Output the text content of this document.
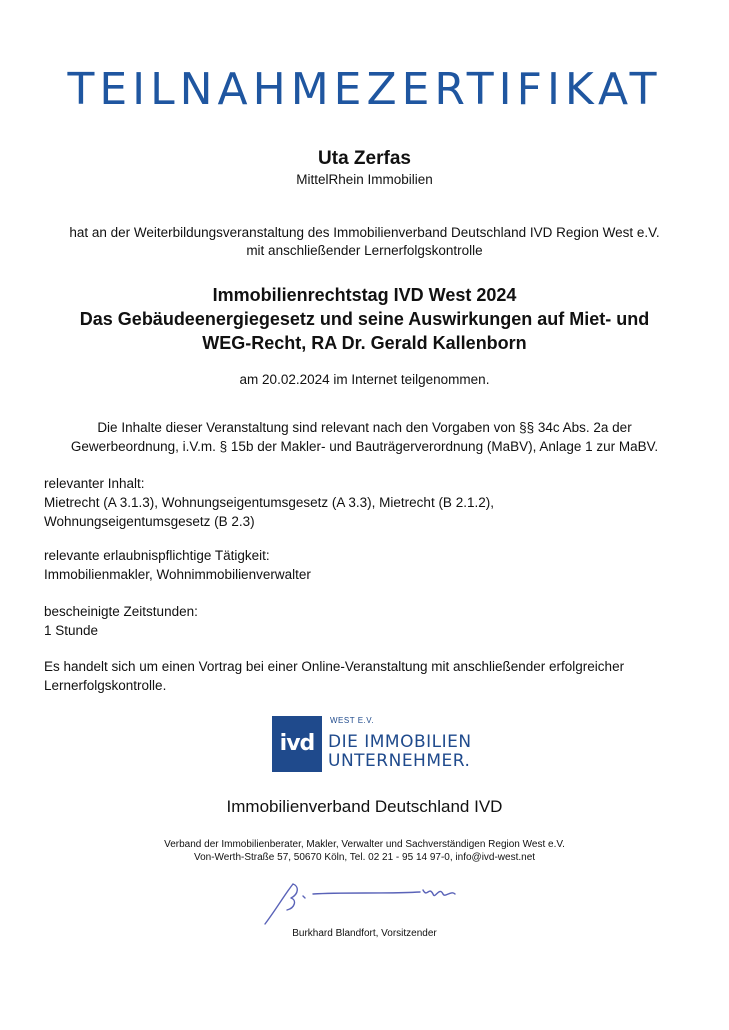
TEILNAHMEZERTIFIKAT
Uta Zerfas
MittelRhein Immobilien
hat an der Weiterbildungsveranstaltung des Immobilienverband Deutschland IVD Region West e.V.
mit anschließender Lernerfolgskontrolle
Immobilienrechtstag IVD West 2024
Das Gebäudeenergiegesetz und seine Auswirkungen auf Miet- und
WEG-Recht, RA Dr. Gerald Kallenborn
am 20.02.2024 im Internet teilgenommen.
Die Inhalte dieser Veranstaltung sind relevant nach den Vorgaben von §§ 34c Abs. 2a der
Gewerbeordnung, i.V.m. § 15b der Makler- und Bauträgerverordnung (MaBV), Anlage 1 zur MaBV.
relevanter Inhalt:
Mietrecht (A 3.1.3), Wohnungseigentumsgesetz (A 3.3), Mietrecht (B 2.1.2),
Wohnungseigentumsgesetz (B 2.3)
relevante erlaubnispflichtige Tätigkeit:
Immobilienmakler, Wohnimmobilienverwalter
bescheinigte Zeitstunden:
1 Stunde
Es handelt sich um einen Vortrag bei einer Online-Veranstaltung mit anschließender erfolgreicher
Lernerfolgskontrolle.
ivd
WEST E.V.
DIE IMMOBILIEN
UNTERNEHMER.
Immobilienverband Deutschland IVD
Verband der Immobilienberater, Makler, Verwalter und Sachverständigen Region West e.V.
Von-Werth-Straße 57, 50670 Köln, Tel. 02 21 - 95 14 97-0, info@ivd-west.net
Burkhard Blandfort, Vorsitzender
